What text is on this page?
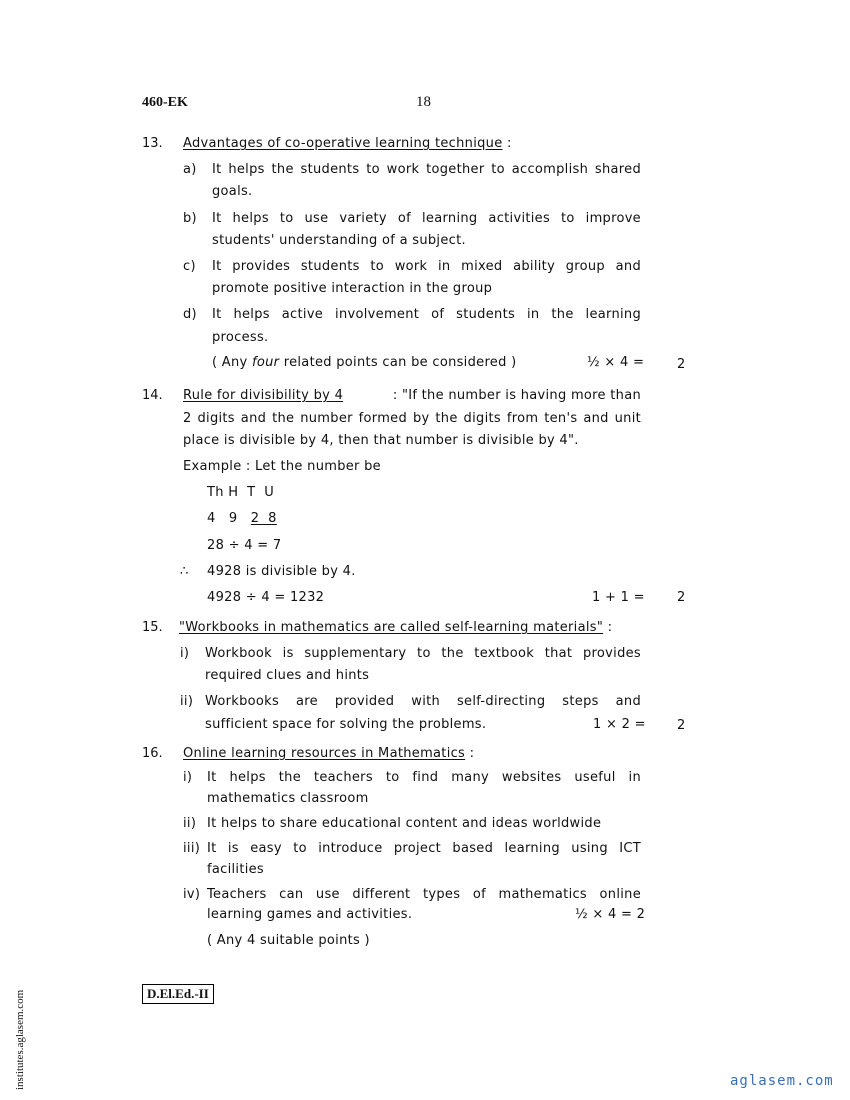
460-EK	18
13. Advantages of co-operative learning technique :
a) It helps the students to work together to accomplish shared
goals.
b) It helps to use variety of learning activities to improve
students' understanding of a subject.
c) It provides students to work in mixed ability group and
promote positive interaction in the group
d) It helps active involvement of students in the learning
process.
( Any four related points can be considered )	½ × 4 =	2
14. Rule for divisibility by 4	: "If the number is having more than
2 digits and the number formed by the digits from ten's and unit
place is divisible by 4, then that number is divisible by 4".
Example : Let the number be
Th H  T  U
4   9   2  8
28 ÷ 4 = 7
∴ 4928 is divisible by 4.
4928 ÷ 4 = 1232	1 + 1 = 2
15. "Workbooks in mathematics are called self-learning materials" :
i) Workbook is supplementary to the textbook that provides
required clues and hints
ii) Workbooks are provided with self-directing steps and
sufficient space for solving the problems.	1 × 2 = 2
16. Online learning resources in Mathematics :
i) It helps the teachers to find many websites useful in
mathematics classroom
ii) It helps to share educational content and ideas worldwide
iii) It is easy to introduce project based learning using ICT
facilities
iv) Teachers can use different types of mathematics online
learning games and activities.	½ × 4 = 2
( Any 4 suitable points )
D.El.Ed.-II
institutes.aglasem.com	aglasem.com
